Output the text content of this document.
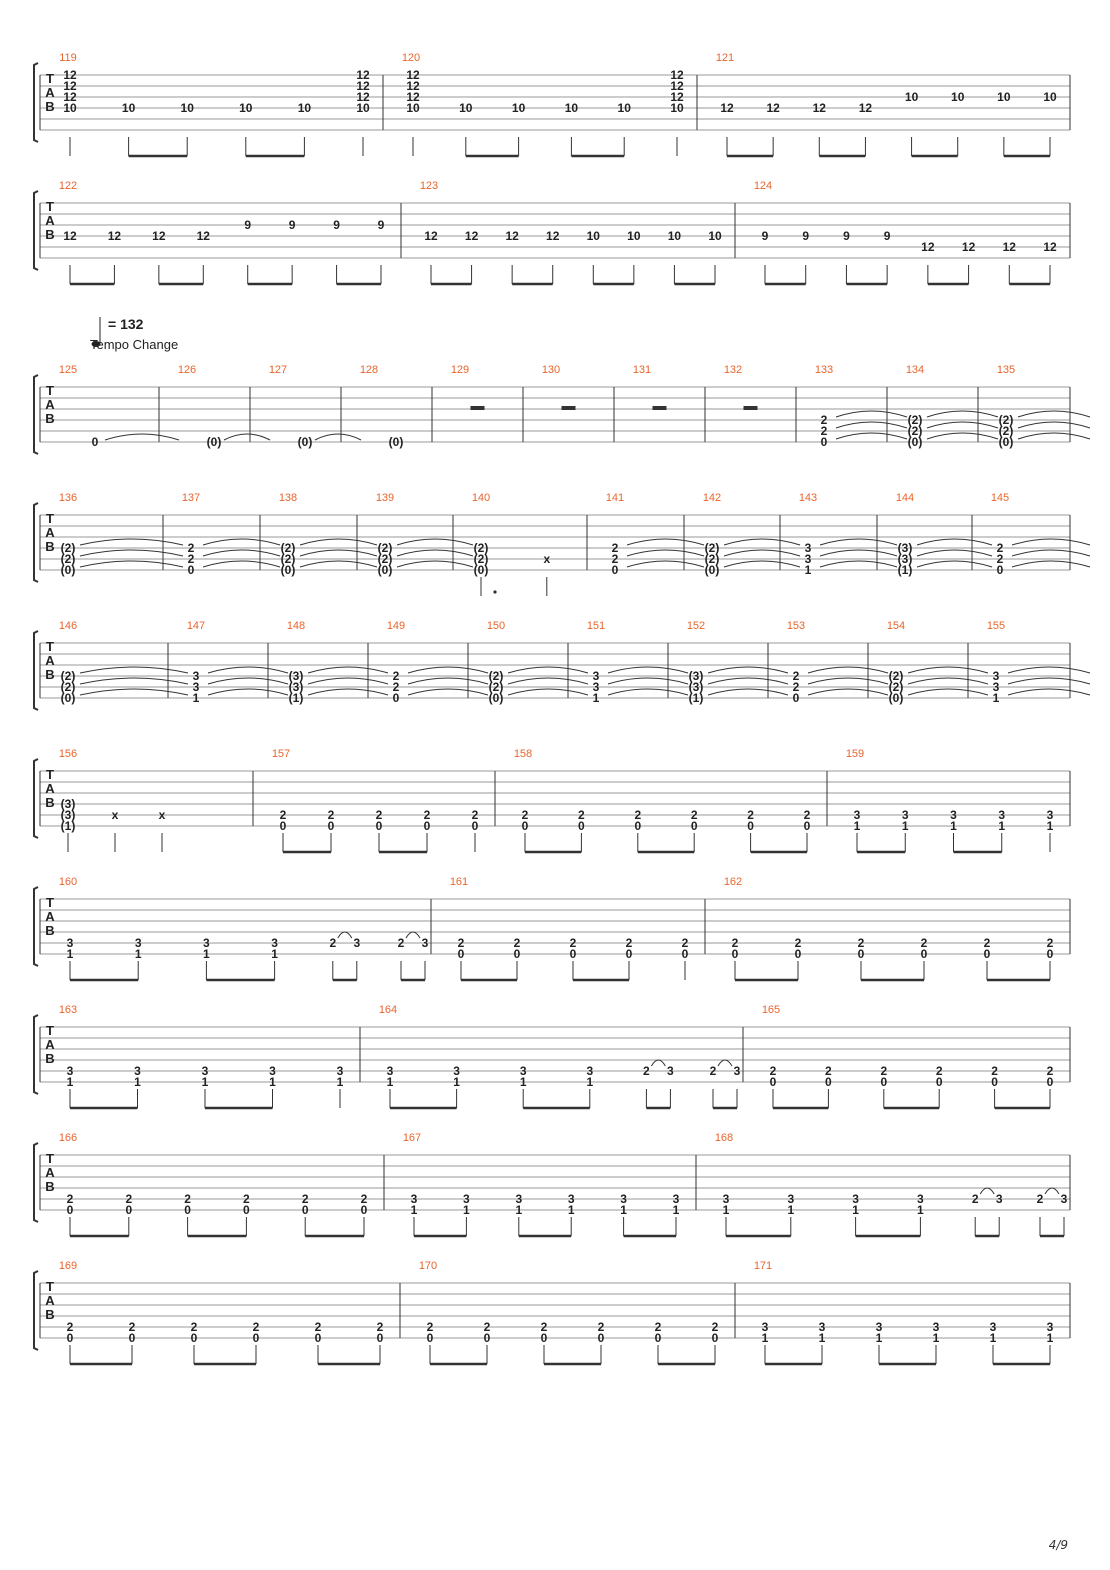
= 132
Tempo Change
T
A
B
119
12
12
12
10	10	10	10	10
12
12
12
10
120
12
12
12
10	10	10	10	10
12
12
12
10
121
12	12	12	12
10	10	10	10
T
A
B
122
12	12	12	12
9	9	9	9
123
12 12 12 12 10 10 10 10
124
9	9	9	9
12 12 12 12
T
A
B
125
0
126
(0)
127
(0)
128
(0)
129	130	131	132	133
2
2
0
134
(2)
(2)
(0)
135
(2)
(2)
(0)
T
A
B
136
(2)
(2)
(0)
137
2
2
0
138
(2)
(2)
(0)
139
(2)
(2)
(0)
140
(2)
(2)
(0)
x
141
2
2
0
142
(2)
(2)
(0)
143
3
3
1
144
(3)
(3)
(1)
145
2
2
0
T
A
B
146
(2)
(2)
(0)
147
3
3
1
148
(3)
(3)
(1)
149
2
2
0
150
(2)
(2)
(0)
151
3
3
1
152
(3)
(3)
(1)
153
2
2
0
154
(2)
(2)
(0)
155
3
3
1
T
A
B
156
(3)
(3)
(1)
x	x
157
2
0
2
0
2
0
2
0
2
0
158
2
0
2
0
2
0
2
0
2
0
2
0
159
3
1
3
1
3
1
3
1
3
1
T
A
B
160
3
1
3
1
3
1
3
1
2 3	2 3
161
2
0
2
0
2
0
2
0
2
0
162
2
0
2
0
2
0
2
0
2
0
2
0
T
A
B
163
3
1
3
1
3
1
3
1
3
1
164
3
1
3
1
3
1
3
1
2 3	2 3
165
2
0
2
0
2
0
2
0
2
0
2
0
T
A
B
166
2
0
2
0
2
0
2
0
2
0
2
0
167
3
1
3
1
3
1
3
1
3
1
3
1
168
3
1
3
1
3
1
3
1
2 3	2 3
T
A
B
169
2
0
2
0
2
0
2
0
2
0
2
0
170
2
0
2
0
2
0
2
0
2
0
2
0
171
3
1
3
1
3
1
3
1
3
1
3
1
4/9
